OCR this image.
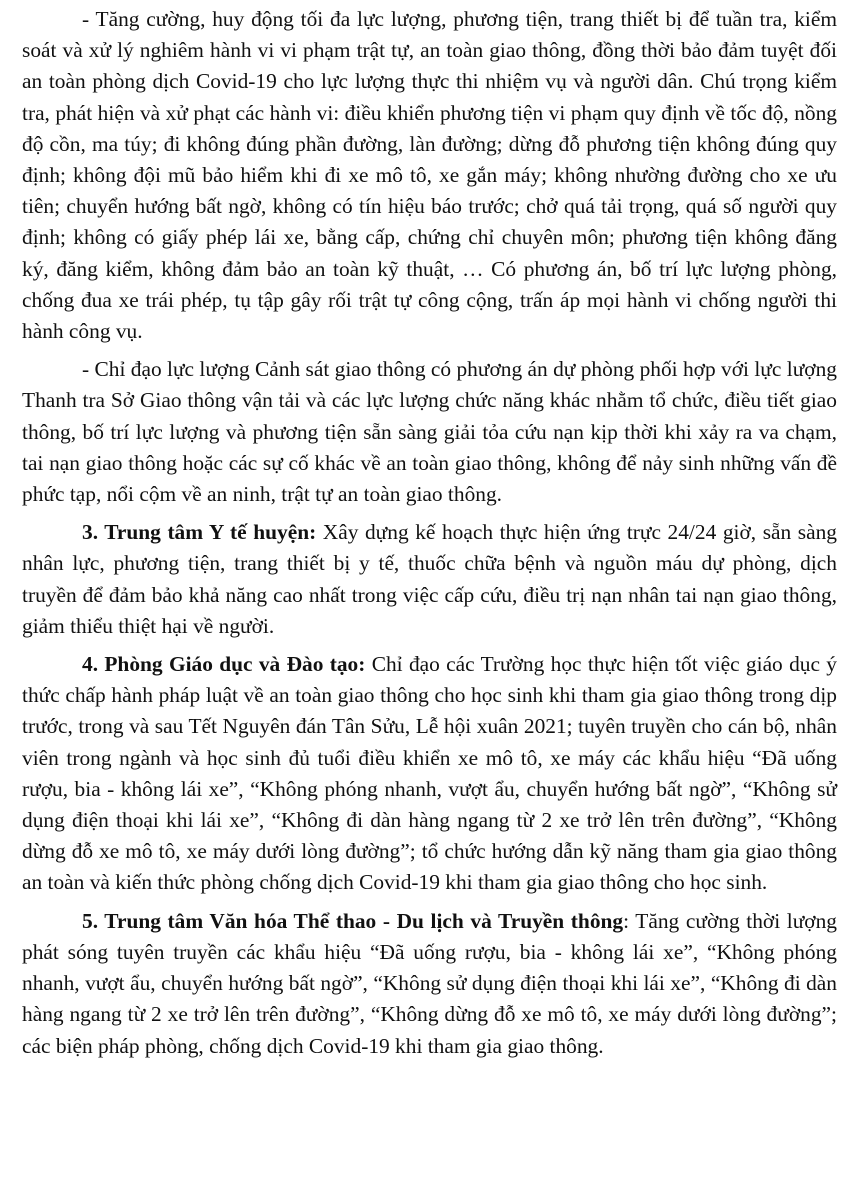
- Tăng cường, huy động tối đa lực lượng, phương tiện, trang thiết bị để tuần tra, kiểm soát và xử lý nghiêm hành vi vi phạm trật tự, an toàn giao thông, đồng thời bảo đảm tuyệt đối an toàn phòng dịch Covid-19 cho lực lượng thực thi nhiệm vụ và người dân. Chú trọng kiểm tra, phát hiện và xử phạt các hành vi: điều khiển phương tiện vi phạm quy định về tốc độ, nồng độ cồn, ma túy; đi không đúng phần đường, làn đường; dừng đỗ phương tiện không đúng quy định; không đội mũ bảo hiểm khi đi xe mô tô, xe gắn máy; không nhường đường cho xe ưu tiên; chuyển hướng bất ngờ, không có tín hiệu báo trước; chở quá tải trọng, quá số người quy định; không có giấy phép lái xe, bằng cấp, chứng chỉ chuyên môn; phương tiện không đăng ký, đăng kiểm, không đảm bảo an toàn kỹ thuật, … Có phương án, bố trí lực lượng phòng, chống đua xe trái phép, tụ tập gây rối trật tự công cộng, trấn áp mọi hành vi chống người thi hành công vụ.

- Chỉ đạo lực lượng Cảnh sát giao thông có phương án dự phòng phối hợp với lực lượng Thanh tra Sở Giao thông vận tải và các lực lượng chức năng khác nhằm tổ chức, điều tiết giao thông, bố trí lực lượng và phương tiện sẵn sàng giải tỏa cứu nạn kịp thời khi xảy ra va chạm, tai nạn giao thông hoặc các sự cố khác về an toàn giao thông, không để nảy sinh những vấn đề phức tạp, nổi cộm về an ninh, trật tự an toàn giao thông.

3. Trung tâm Y tế huyện: Xây dựng kế hoạch thực hiện ứng trực 24/24 giờ, sẵn sàng nhân lực, phương tiện, trang thiết bị y tế, thuốc chữa bệnh và nguồn máu dự phòng, dịch truyền để đảm bảo khả năng cao nhất trong việc cấp cứu, điều trị nạn nhân tai nạn giao thông, giảm thiểu thiệt hại về người.

4. Phòng Giáo dục và Đào tạo: Chỉ đạo các Trường học thực hiện tốt việc giáo dục ý thức chấp hành pháp luật về an toàn giao thông cho học sinh khi tham gia giao thông trong dịp trước, trong và sau Tết Nguyên đán Tân Sửu, Lễ hội xuân 2021; tuyên truyền cho cán bộ, nhân viên trong ngành và học sinh đủ tuổi điều khiển xe mô tô, xe máy các khẩu hiệu “Đã uống rượu, bia - không lái xe”, “Không phóng nhanh, vượt ẩu, chuyển hướng bất ngờ”, “Không sử dụng điện thoại khi lái xe”, “Không đi dàn hàng ngang từ 2 xe trở lên trên đường”, “Không dừng đỗ xe mô tô, xe máy dưới lòng đường”; tổ chức hướng dẫn kỹ năng tham gia giao thông an toàn và kiến thức phòng chống dịch Covid-19 khi tham gia giao thông cho học sinh.

5. Trung tâm Văn hóa Thể thao - Du lịch và Truyền thông: Tăng cường thời lượng phát sóng tuyên truyền các khẩu hiệu “Đã uống rượu, bia - không lái xe”, “Không phóng nhanh, vượt ẩu, chuyển hướng bất ngờ”, “Không sử dụng điện thoại khi lái xe”, “Không đi dàn hàng ngang từ 2 xe trở lên trên đường”, “Không dừng đỗ xe mô tô, xe máy dưới lòng đường”; các biện pháp phòng, chống dịch Covid-19 khi tham gia giao thông.
